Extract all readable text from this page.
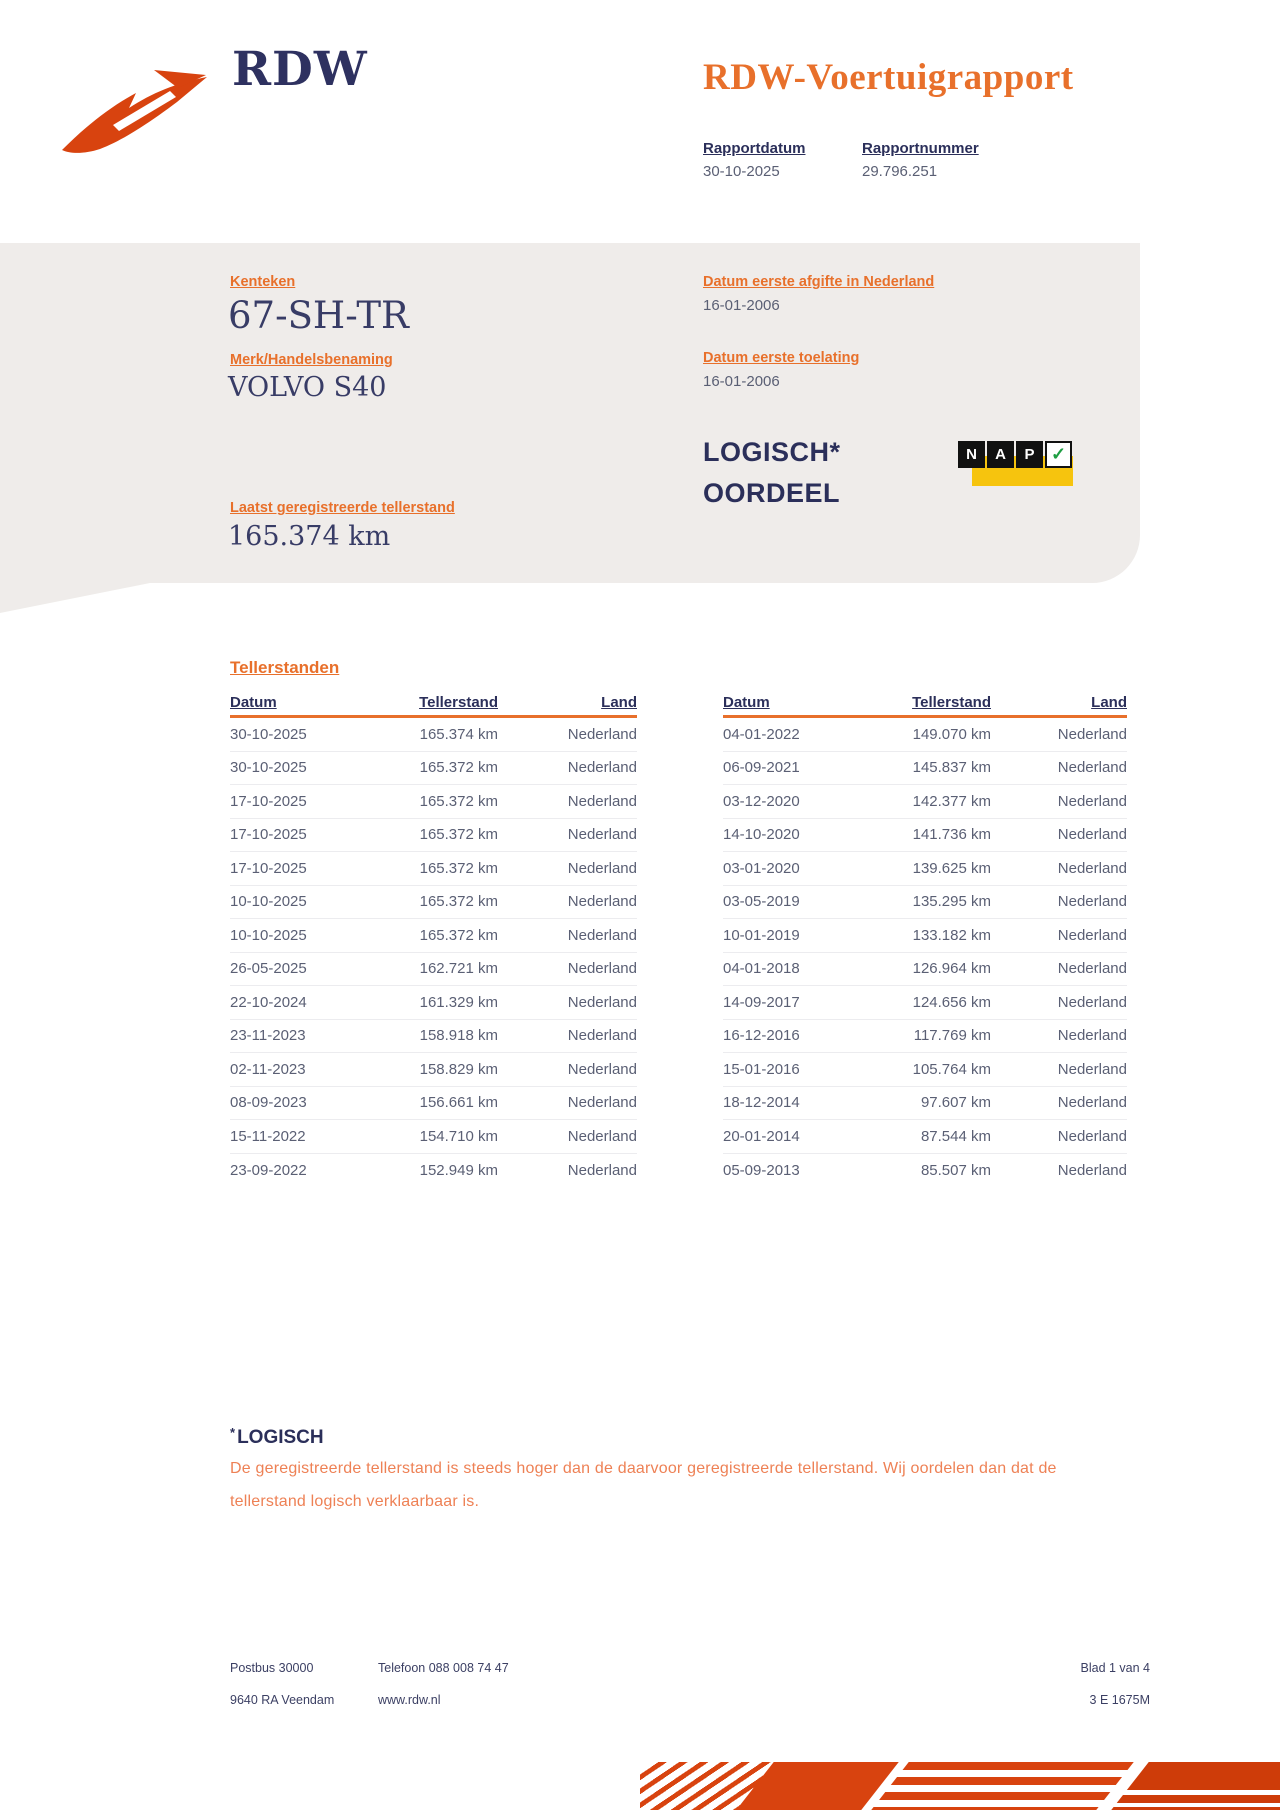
RDW	RDW-Voertuigrapport
Rapportdatum
30-10-2025
Rapportnummer
29.796.251
Kenteken
67-SH-TR
Merk/Handelsbenaming
VOLVO S40
Laatst geregistreerde tellerstand
165.374 km
Datum eerste afgifte in Nederland
16-01-2006
Datum eerste toelating
16-01-2006
LOGISCH*
OORDEEL
N	A	P ✓
Tellerstanden
Datum	Tellerstand	Land
30-10-2025	165.374 km	Nederland
30-10-2025	165.372 km	Nederland
17-10-2025	165.372 km	Nederland
17-10-2025	165.372 km	Nederland
17-10-2025	165.372 km	Nederland
10-10-2025	165.372 km	Nederland
10-10-2025	165.372 km	Nederland
26-05-2025	162.721 km	Nederland
22-10-2024	161.329 km	Nederland
23-11-2023	158.918 km	Nederland
02-11-2023	158.829 km	Nederland
08-09-2023	156.661 km	Nederland
15-11-2022	154.710 km	Nederland
23-09-2022	152.949 km	Nederland
Datum	Tellerstand	Land
04-01-2022	149.070 km	Nederland
06-09-2021	145.837 km	Nederland
03-12-2020	142.377 km	Nederland
14-10-2020	141.736 km	Nederland
03-01-2020	139.625 km	Nederland
03-05-2019	135.295 km	Nederland
10-01-2019	133.182 km	Nederland
04-01-2018	126.964 km	Nederland
14-09-2017	124.656 km	Nederland
16-12-2016	117.769 km	Nederland
15-01-2016	105.764 km	Nederland
18-12-2014	97.607 km	Nederland
20-01-2014	87.544 km	Nederland
05-09-2013	85.507 km	Nederland
* LOGISCH
De geregistreerde tellerstand is steeds hoger dan de daarvoor geregistreerde tellerstand. Wij oordelen dan dat de tellerstand logisch verklaarbaar is.
Postbus 30000
9640 RA Veendam
Telefoon 088 008 74 47
www.rdw.nl
Blad 1 van 4
3 E 1675M
